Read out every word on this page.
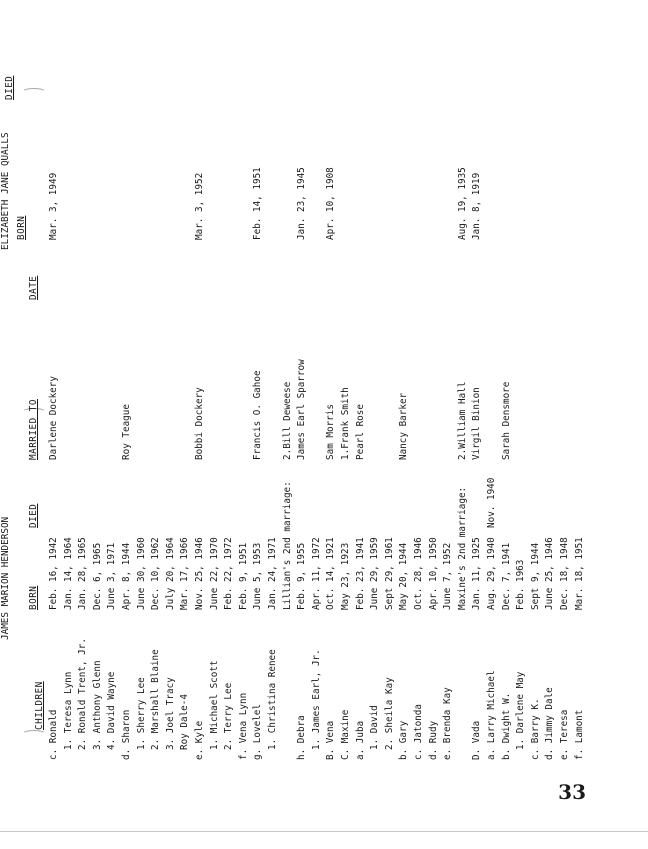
JAMES MARION HENDERSON
ELIZABETH JANE QUALLS
CHILDREN
BORN
DIED
MARRIED TO
DATE
BORN
DIED
c. Ronald
Feb. 16, 1942
Darlene Dockery
Mar. 3, 1949
1. Teresa Lynn
Jan. 14, 1964
2. Ronald Trent, Jr.
Jan. 28, 1965
3. Anthony Glenn
Dec. 6, 1965
4. David Wayne
June 3, 1971
d. Sharon
Apr. 8, 1944
Roy Teague
1. Sherry Lee
June 30, 1960
2. Marshall Blaine
Dec. 10, 1962
3. Joel Tracy
July 20, 1964
Roy Dale-4
Mar. 17, 1966
e. Kyle
Nov. 25, 1946
Bobbi Dockery
Mar. 3, 1952
1. Michael Scott
June 22, 1970
2. Terry Lee
Feb. 22, 1972
f. Vena Lynn
Feb. 9, 1951
g. Lovelel
June 5, 1953
Francis O. Gahoe
Feb. 14, 1951
1. Christina Renee
Jan. 24, 1971 Lillian's 2nd marriage:
2.Bill Deweese
h. Debra
Feb. 9, 1955
James Earl Sparrow
Jan. 23, 1945
1. James Earl, Jr.
Apr. 11, 1972
B. Vena
Oct. 14, 1921
Sam Morris
Apr. 10, 1908
C. Maxine
May 23, 1923
1.Frank Smith
a. Juba
Feb. 23, 1941
Pearl Rose
1. David
June 29, 1959
2. Sheila Kay
Sept 29, 1961
b. Gary
May 20, 1944
Nancy Barker
c. Jatonda
Oct. 28, 1946
d. Rudy
Apr. 10, 1950
e. Brenda Kay
June 7, 1952 Maxine's 2nd marriage:
2.William Hall
Aug. 19, 1935
D. Vada
Jan. 11, 1925
Virgil Binion
Jan. 8, 1919
a. Larry Michael
Aug. 29, 1940
Nov. 1940
b. Dwight W.
Dec. 7, 1941
Sarah Densmore
1. Darlene May
Feb. 1963
c. Barry K.
Sept 9, 1944
d. Jimmy Dale
June 25, 1946
e. Teresa
Dec. 18, 1948
f. Lamont
Mar. 18, 1951
33
